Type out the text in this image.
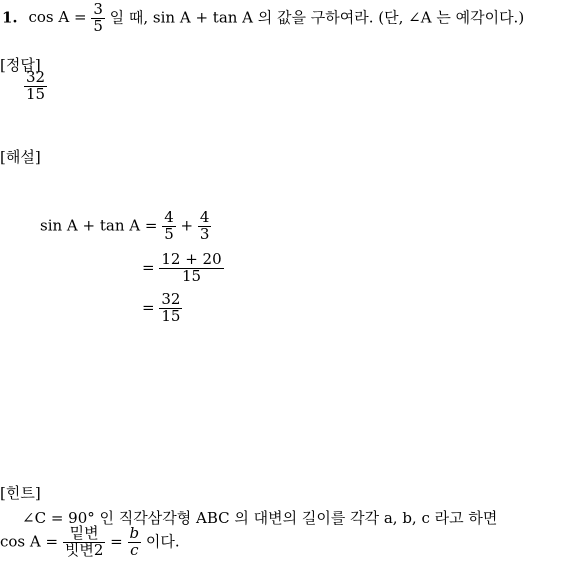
1. $\cos A = \frac{3}{5}$ 일 때, sin A + tan A 의 값을 구하여라. (단, ∠A 는 예각이다.)
[정답]
$\frac{32}{15}$
[해설]
$\sin A + \tan A = \frac{4}{5} + \frac{4}{3}$
= $\frac{12 + 20}{15}$
= $\frac{32}{15}$
[힌트]
∠C = 90° 인 직각삼각형 ABC 의 대변의 길이를 각각 a, b, c 라고 하면
$\cos A = \frac{\text{밑변}}{\text{빗변2}} = \frac{b}{c}$ 이다.
